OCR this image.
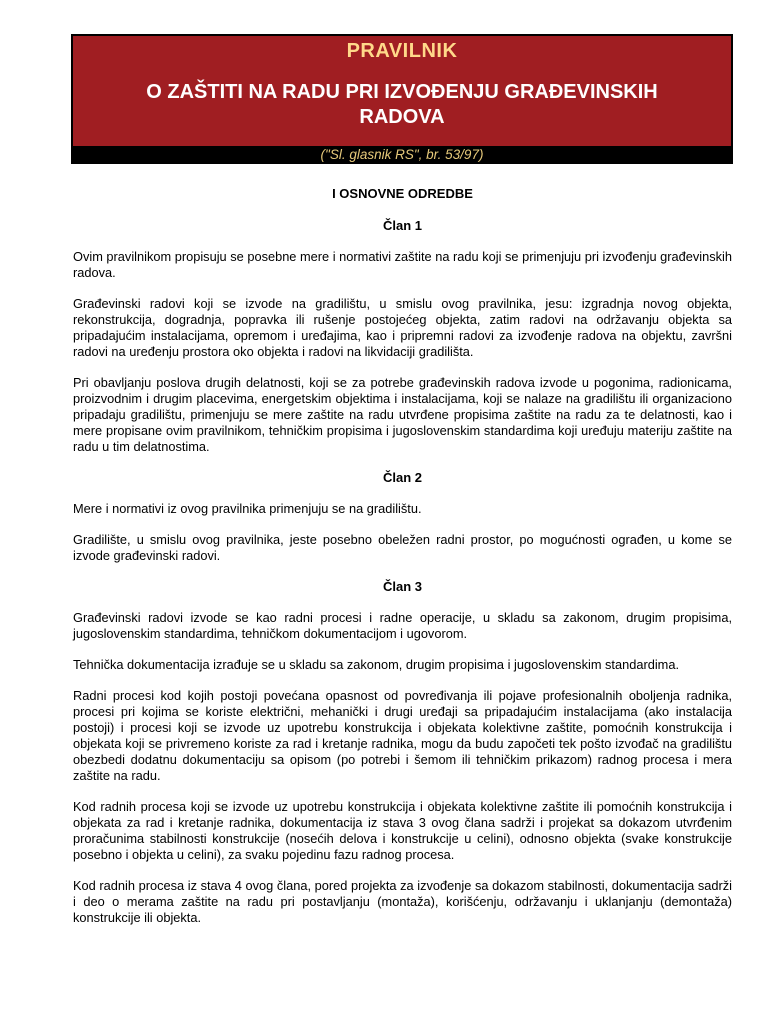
PRAVILNIK
O ZAŠTITI NA RADU PRI IZVOĐENJU GRAĐEVINSKIH RADOVA
("Sl. glasnik RS", br. 53/97)
I OSNOVNE ODREDBE
Član 1

Ovim pravilnikom propisuju se posebne mere i normativi zaštite na radu koji se primenjuju pri izvođenju građevinskih radova.

Građevinski radovi koji se izvode na gradilištu, u smislu ovog pravilnika, jesu: izgradnja novog objekta, rekonstrukcija, dogradnja, popravka ili rušenje postojećeg objekta, zatim radovi na održavanju objekta sa pripadajućim instalacijama, opremom i uređajima, kao i pripremni radovi za izvođenje radova na objektu, završni radovi na uređenju prostora oko objekta i radovi na likvidaciji gradilišta.

Pri obavljanju poslova drugih delatnosti, koji se za potrebe građevinskih radova izvode u pogonima, radionicama, proizvodnim i drugim placevima, energetskim objektima i instalacijama, koji se nalaze na gradilištu ili organizaciono pripadaju gradilištu, primenjuju se mere zaštite na radu utvrđene propisima zaštite na radu za te delatnosti, kao i mere propisane ovim pravilnikom, tehničkim propisima i jugoslovenskim standardima koji uređuju materiju zaštite na radu u tim delatnostima.

Član 2

Mere i normativi iz ovog pravilnika primenjuju se na gradilištu.

Gradilište, u smislu ovog pravilnika, jeste posebno obeležen radni prostor, po mogućnosti ograđen, u kome se izvode građevinski radovi.

Član 3

Građevinski radovi izvode se kao radni procesi i radne operacije, u skladu sa zakonom, drugim propisima, jugoslovenskim standardima, tehničkom dokumentacijom i ugovorom.

Tehnička dokumentacija izrađuje se u skladu sa zakonom, drugim propisima i jugoslovenskim standardima.

Radni procesi kod kojih postoji povećana opasnost od povređivanja ili pojave profesionalnih oboljenja radnika, procesi pri kojima se koriste električni, mehanički i drugi uređaji sa pripadajućim instalacijama (ako instalacija postoji) i procesi koji se izvode uz upotrebu konstrukcija i objekata kolektivne zaštite, pomoćnih konstrukcija i objekata koji se privremeno koriste za rad i kretanje radnika, mogu da budu započeti tek pošto izvođač na gradilištu obezbedi dodatnu dokumentaciju sa opisom (po potrebi i šemom ili tehničkim prikazom) radnog procesa i mera zaštite na radu.

Kod radnih procesa koji se izvode uz upotrebu konstrukcija i objekata kolektivne zaštite ili pomoćnih konstrukcija i objekata za rad i kretanje radnika, dokumentacija iz stava 3 ovog člana sadrži i projekat sa dokazom utvrđenim proračunima stabilnosti konstrukcije (nosećih delova i konstrukcije u celini), odnosno objekta (svake konstrukcije posebno i objekta u celini), za svaku pojedinu fazu radnog procesa.

Kod radnih procesa iz stava 4 ovog člana, pored projekta za izvođenje sa dokazom stabilnosti, dokumentacija sadrži i deo o merama zaštite na radu pri postavljanju (montaža), korišćenju, održavanju i uklanjanju (demontaža) konstrukcije ili objekta.
